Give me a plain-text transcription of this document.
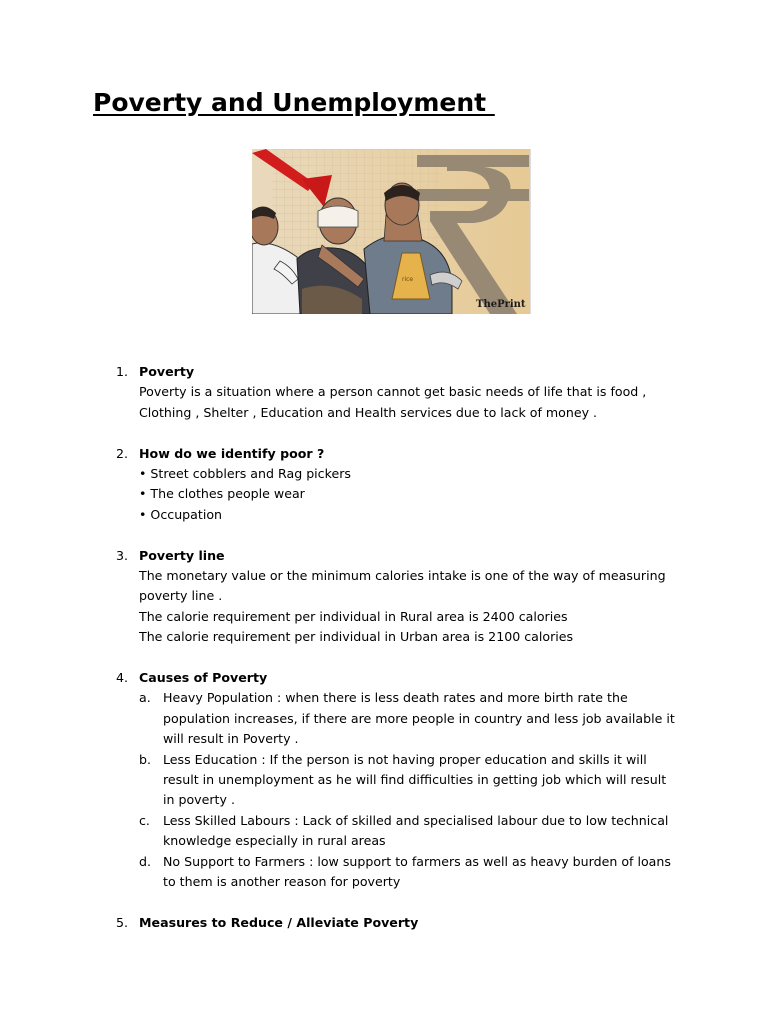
Poverty and Unemployment
rice
ThePrint
1. Poverty
Poverty is a situation where a person cannot get basic needs of life that is food ,
Clothing , Shelter , Education and Health services due to lack of money .
2. How do we identify poor ?
• Street cobblers and Rag pickers
• The clothes people wear
• Occupation
3. Poverty line
The monetary value or the minimum calories intake is one of the way of measuring
poverty line .
The calorie requirement per individual in Rural area is 2400 calories
The calorie requirement per individual in Urban area is 2100 calories
4. Causes of Poverty
a. Heavy Population : when there is less death rates and more birth rate the
population increases, if there are more people in country and less job available it
will result in Poverty .
b. Less Education : If the person is not having proper education and skills it will
result in unemployment as he will find difficulties in getting job which will result
in poverty .
c. Less Skilled Labours : Lack of skilled and specialised labour due to low technical
knowledge especially in rural areas
d. No Support to Farmers : low support to farmers as well as heavy burden of loans
to them is another reason for poverty
5. Measures to Reduce / Alleviate Poverty
